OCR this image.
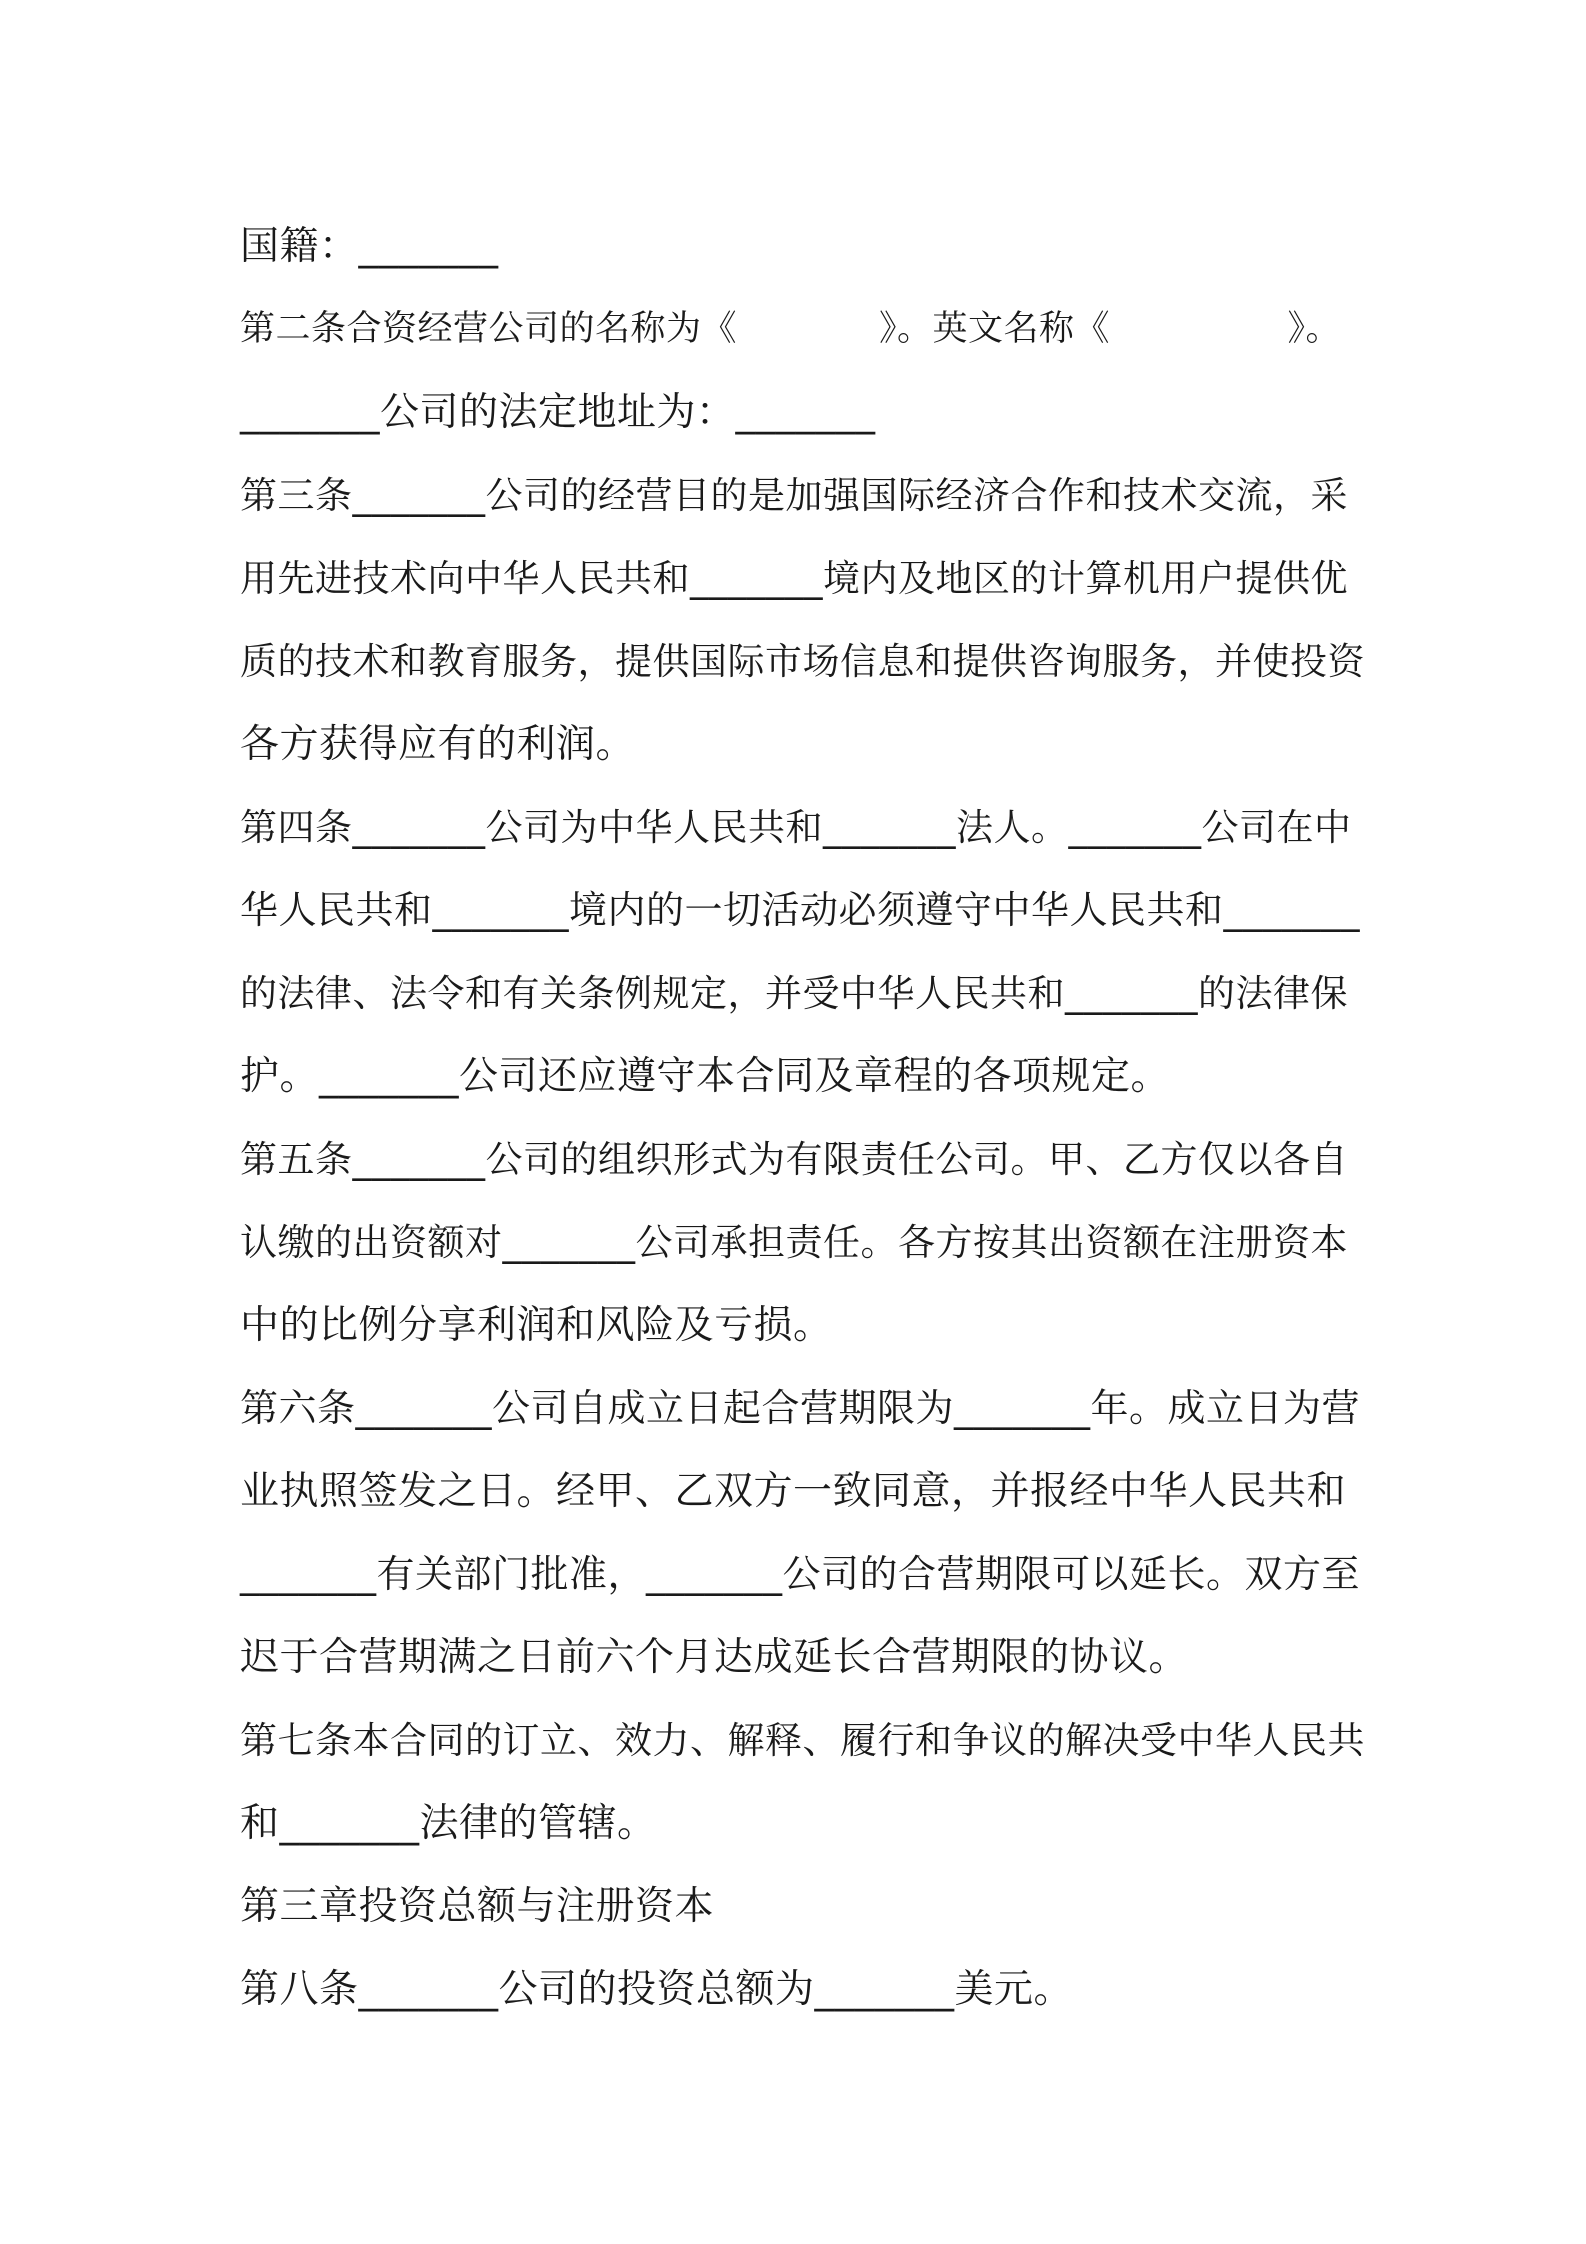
国籍：_______
第二条合资经营公司的名称为《　　　　》。英文名称《　　　　　》。
_______公司的法定地址为：_______
第三条_______公司的经营目的是加强国际经济合作和技术交流，采
用先进技术向中华人民共和_______境内及地区的计算机用户提供优
质的技术和教育服务，提供国际市场信息和提供咨询服务，并使投资
各方获得应有的利润。
第四条_______公司为中华人民共和_______法人。_______公司在中
华人民共和_______境内的一切活动必须遵守中华人民共和_______
的法律、法令和有关条例规定，并受中华人民共和_______的法律保
护。_______公司还应遵守本合同及章程的各项规定。
第五条_______公司的组织形式为有限责任公司。甲、乙方仅以各自
认缴的出资额对_______公司承担责任。各方按其出资额在注册资本
中的比例分享利润和风险及亏损。
第六条_______公司自成立日起合营期限为_______年。成立日为营
业执照签发之日。经甲、乙双方一致同意，并报经中华人民共和
_______有关部门批准，_______公司的合营期限可以延长。双方至
迟于合营期满之日前六个月达成延长合营期限的协议。
第七条本合同的订立、效力、解释、履行和争议的解决受中华人民共
和_______法律的管辖。
第三章投资总额与注册资本
第八条_______公司的投资总额为_______美元。
